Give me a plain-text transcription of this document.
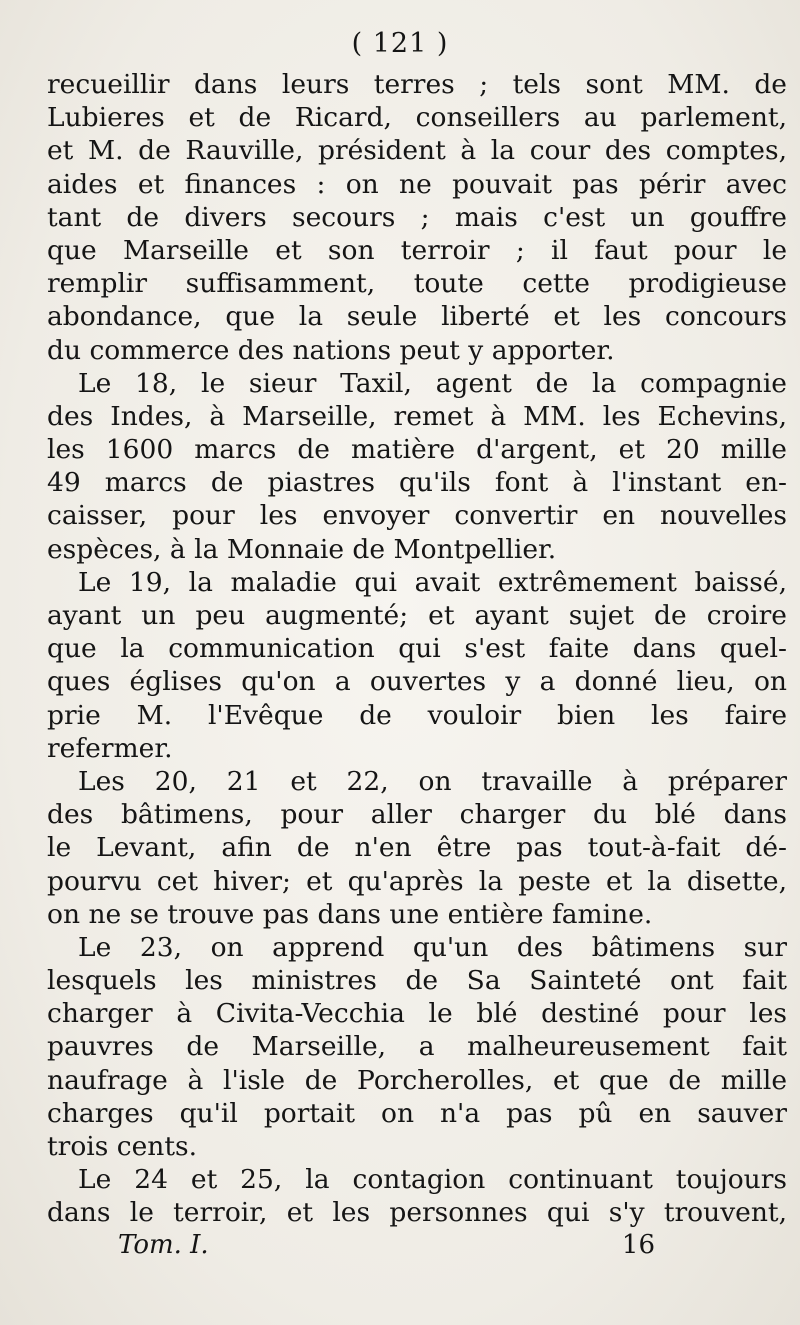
( 121 )
recueillir dans leurs terres ; tels sont MM. de
Lubieres et de Ricard, conseillers au parlement,
et M. de Rauville, président à la cour des comptes,
aides et finances : on ne pouvait pas périr avec
tant de divers secours ; mais c'est un gouffre
que Marseille et son terroir ; il faut pour le
remplir suffisamment, toute cette prodigieuse
abondance, que la seule liberté et les concours
du commerce des nations peut y apporter.
Le 18, le sieur Taxil, agent de la compagnie
des Indes, à Marseille, remet à MM. les Echevins,
les 1600 marcs de matière d'argent, et 20 mille
49 marcs de piastres qu'ils font à l'instant en-
caisser, pour les envoyer convertir en nouvelles
espèces, à la Monnaie de Montpellier.
Le 19, la maladie qui avait extrêmement baissé,
ayant un peu augmenté; et ayant sujet de croire
que la communication qui s'est faite dans quel-
ques églises qu'on a ouvertes y a donné lieu, on
prie M. l'Evêque de vouloir bien les faire
refermer.
Les 20, 21 et 22, on travaille à préparer
des bâtimens, pour aller charger du blé dans
le Levant, afin de n'en être pas tout-à-fait dé-
pourvu cet hiver; et qu'après la peste et la disette,
on ne se trouve pas dans une entière famine.
Le 23, on apprend qu'un des bâtimens sur
lesquels les ministres de Sa Sainteté ont fait
charger à Civita-Vecchia le blé destiné pour les
pauvres de Marseille, a malheureusement fait
naufrage à l'isle de Porcherolles, et que de mille
charges qu'il portait on n'a pas pû en sauver
trois cents.
Le 24 et 25, la contagion continuant toujours
dans le terroir, et les personnes qui s'y trouvent,
Tom. I.	16
